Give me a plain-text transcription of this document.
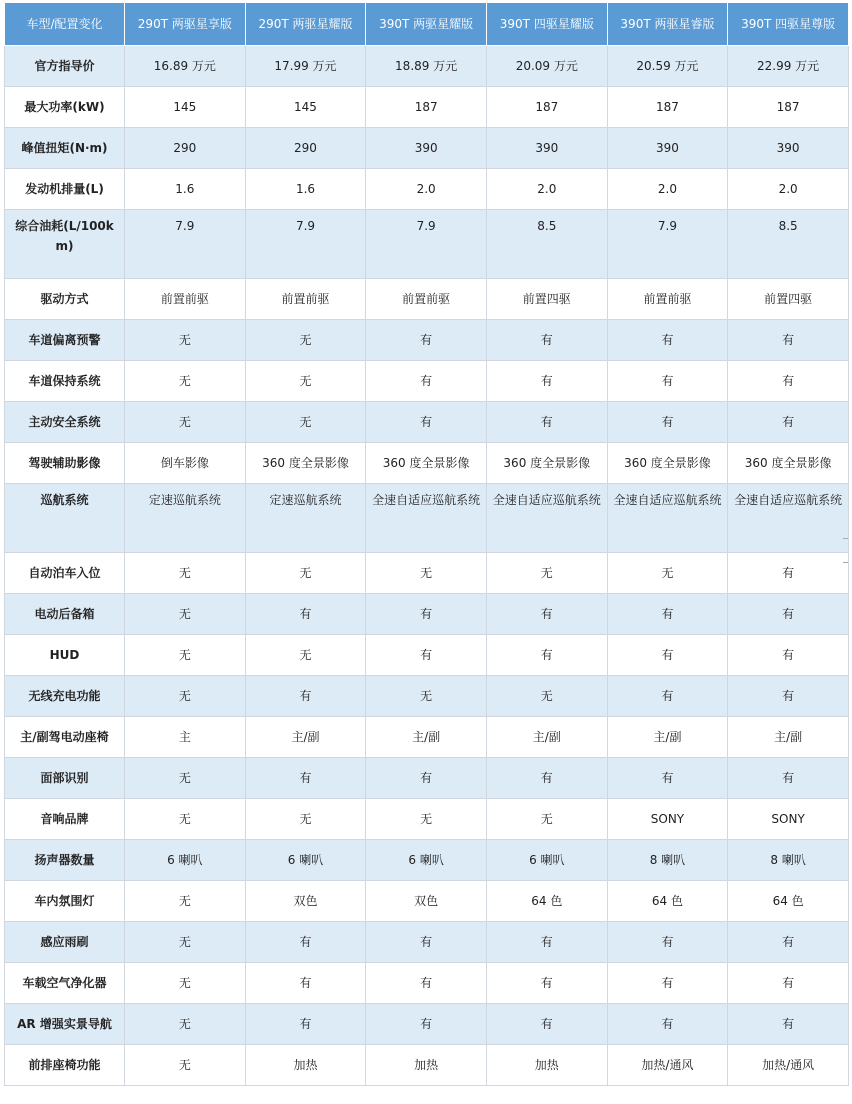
车型/配置变化	290T 两驱星享版	290T 两驱星耀版	390T 两驱星耀版	390T 四驱星耀版	390T 两驱星睿版	390T 四驱星尊版
官方指导价	16.89 万元	17.99 万元	18.89 万元	20.09 万元	20.59 万元	22.99 万元
最大功率(kW)	145	145	187	187	187	187
峰值扭矩(N·m)	290	290	390	390	390	390
发动机排量(L)	1.6	1.6	2.0	2.0	2.0	2.0
综合油耗(L/100km)	7.9	7.9	7.9	8.5	7.9	8.5
驱动方式	前置前驱	前置前驱	前置前驱	前置四驱	前置前驱	前置四驱
车道偏离预警	无	无	有	有	有	有
车道保持系统	无	无	有	有	有	有
主动安全系统	无	无	有	有	有	有
驾驶辅助影像	倒车影像	360 度全景影像	360 度全景影像	360 度全景影像	360 度全景影像	360 度全景影像
巡航系统	定速巡航系统	定速巡航系统	全速自适应巡航系统	全速自适应巡航系统	全速自适应巡航系统	全速自适应巡航系统
自动泊车入位	无	无	无	无	无	有
电动后备箱	无	有	有	有	有	有
HUD	无	无	有	有	有	有
无线充电功能	无	有	无	无	有	有
主/副驾电动座椅	主	主/副	主/副	主/副	主/副	主/副
面部识别	无	有	有	有	有	有
音响品牌	无	无	无	无	SONY	SONY
扬声器数量	6 喇叭	6 喇叭	6 喇叭	6 喇叭	8 喇叭	8 喇叭
车内氛围灯	无	双色	双色	64 色	64 色	64 色
感应雨刷	无	有	有	有	有	有
车载空气净化器	无	有	有	有	有	有
AR 增强实景导航	无	有	有	有	有	有
前排座椅功能	无	加热	加热	加热	加热/通风	加热/通风
